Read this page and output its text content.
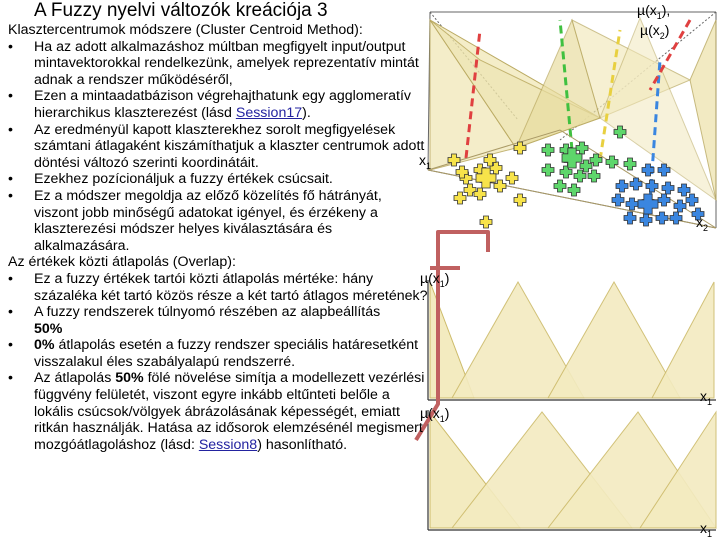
A Fuzzy nyelvi változók kreációja 3

Klasztercentrumok módszere (Cluster Centroid Method):

• Ha az adott alkalmazáshoz múltban megfigyelt input/output mintavektorokkal rendelkezünk, amelyek reprezentatív mintát adnak a rendszer működéséről,

• Ezen a mintaadatbázison végrehajthatunk egy agglomeratív hierarchikus klaszterezést (lásd Session17).

• Az eredményül kapott klaszterekhez sorolt megfigyelések számtani átlagaként kiszámíthatjuk a klaszter centrumok adott döntési változó szerinti koordinátáit.

• Ezekhez pozícionáljuk a fuzzy értékek csúcsait.

• Ez a módszer megoldja az előző közelítés fő hátrányát, viszont jobb minőségű adatokat igényel, és érzékeny a klaszterezési módszer helyes kiválasztására és alkalmazására.

Az értékek közti átlapolás (Overlap):

• Ez a fuzzy értékek tartói közti átlapolás mértéke: hány százaléka két tartó közös része a két tartó átlagos méretének?

• A fuzzy rendszerek túlnyomó részében az alapbeállítás
50%

• 0% átlapolás esetén a fuzzy rendszer speciális határesetként visszalakul éles szabályalapú rendszerré.

• Az átlapolás 50% fölé növelése simítja a modellezett vezérlési függvény felületét, viszont egyre inkább eltűnteti belőle a lokális csúcsok/völgyek ábrázolásának képességét, emiatt ritkán használják. Hatása az idősorok elemzésénél megismert mozgóátlagoláshoz (lásd: Session8) hasonlítható.

$\mu(x_1)$,
$\mu(x_2)$
$x_1$
$x_2$
$\mu(x_1)$
$x_1$
$\mu(x_1)$
$x_1$
